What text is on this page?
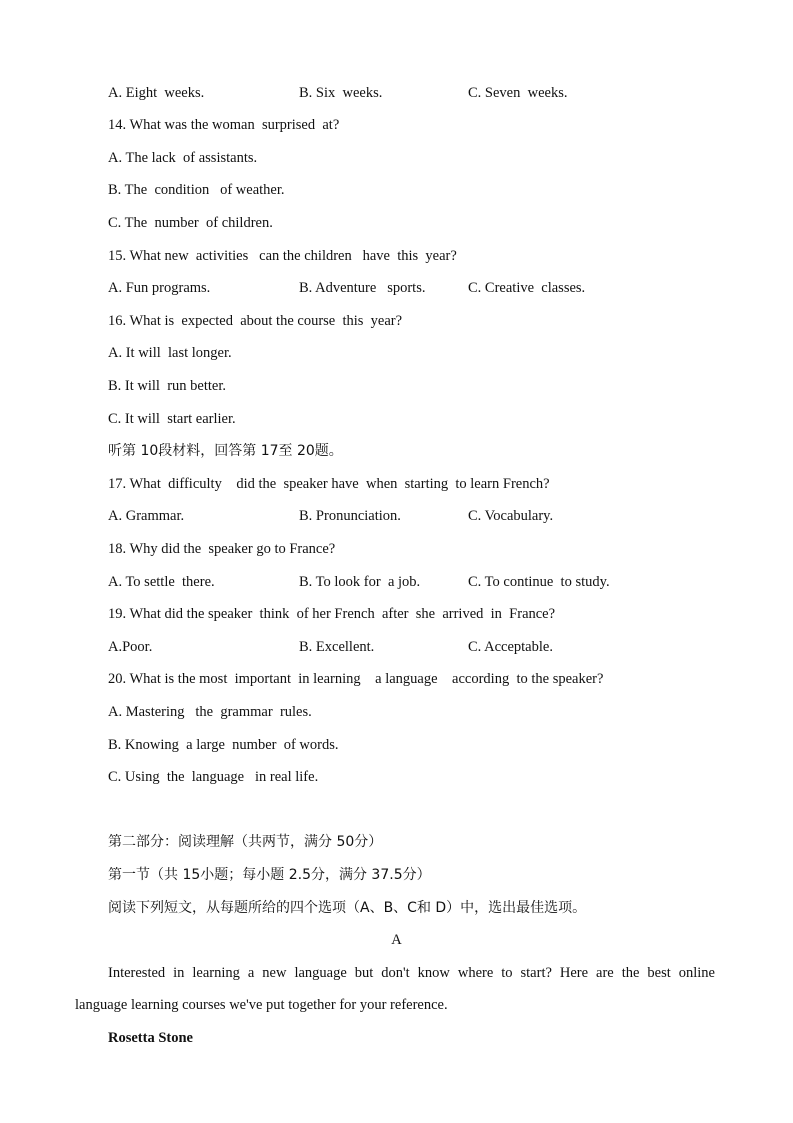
A. Eight  weeks.	B. Six  weeks.	C. Seven  weeks.
14. What was the woman  surprised  at?
A. The lack  of assistants.
B. The  condition   of weather.
C. The  number  of children.
15. What new  activities   can the children   have  this  year?
A. Fun programs.	B. Adventure   sports.	C. Creative  classes.
16. What is  expected  about the course  this  year?
A. It will  last longer.
B. It will  run better.
C. It will  start earlier.
听第 10段材料，回答第 17至 20题。
17. What  difficulty    did the  speaker have  when  starting  to learn French?
A. Grammar.	B. Pronunciation.	C. Vocabulary.
18. Why did the  speaker go to France?
A. To settle  there.	B. To look for  a job.	C. To continue  to study.
19. What did the speaker  think  of her French  after  she  arrived  in  France?
A.Poor.	B. Excellent.	C. Acceptable.
20. What is the most  important  in learning    a language    according  to the speaker?
A. Mastering   the  grammar  rules.
B. Knowing  a large  number  of words.
C. Using  the  language   in real life.
第二部分：阅读理解（共两节，满分 50分）
第一节（共 15小题；每小题 2.5分，满分 37.5分）
阅读下列短文，从每题所给的四个选项（A、B、C和 D）中，选出最佳选项。
A
Interested in learning a new language but don't know where to start? Here are the best online
language learning courses we've put together for your reference.
Rosetta Stone
